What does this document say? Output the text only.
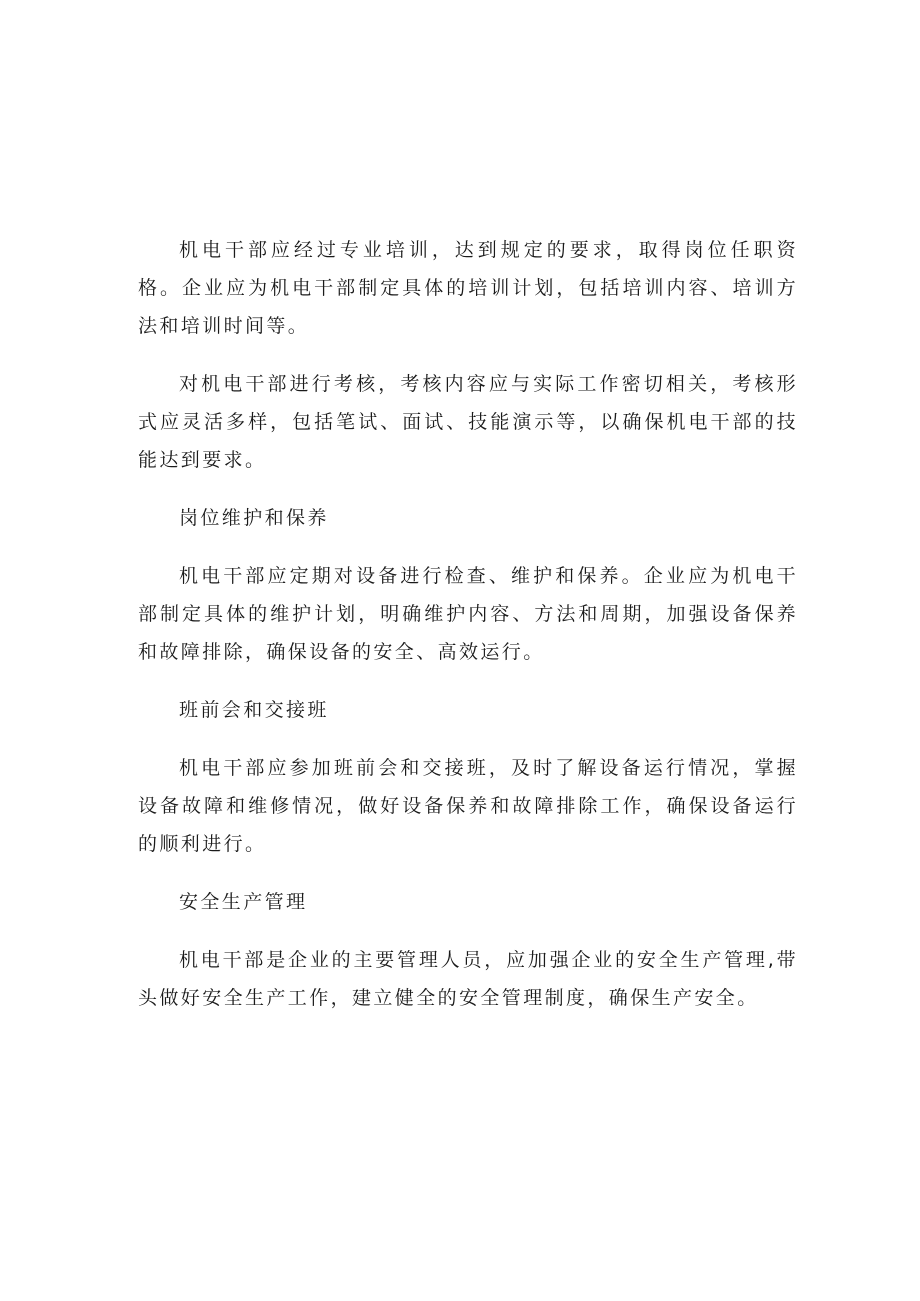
机电干部应经过专业培训，达到规定的要求，取得岗位任职资格。企业应为机电干部制定具体的培训计划，包括培训内容、培训方法和培训时间等。

对机电干部进行考核，考核内容应与实际工作密切相关，考核形式应灵活多样，包括笔试、面试、技能演示等，以确保机电干部的技能达到要求。

岗位维护和保养

机电干部应定期对设备进行检查、维护和保养。企业应为机电干部制定具体的维护计划，明确维护内容、方法和周期，加强设备保养和故障排除，确保设备的安全、高效运行。

班前会和交接班

机电干部应参加班前会和交接班，及时了解设备运行情况，掌握设备故障和维修情况，做好设备保养和故障排除工作，确保设备运行的顺利进行。

安全生产管理

机电干部是企业的主要管理人员，应加强企业的安全生产管理,带头做好安全生产工作，建立健全的安全管理制度，确保生产安全。
